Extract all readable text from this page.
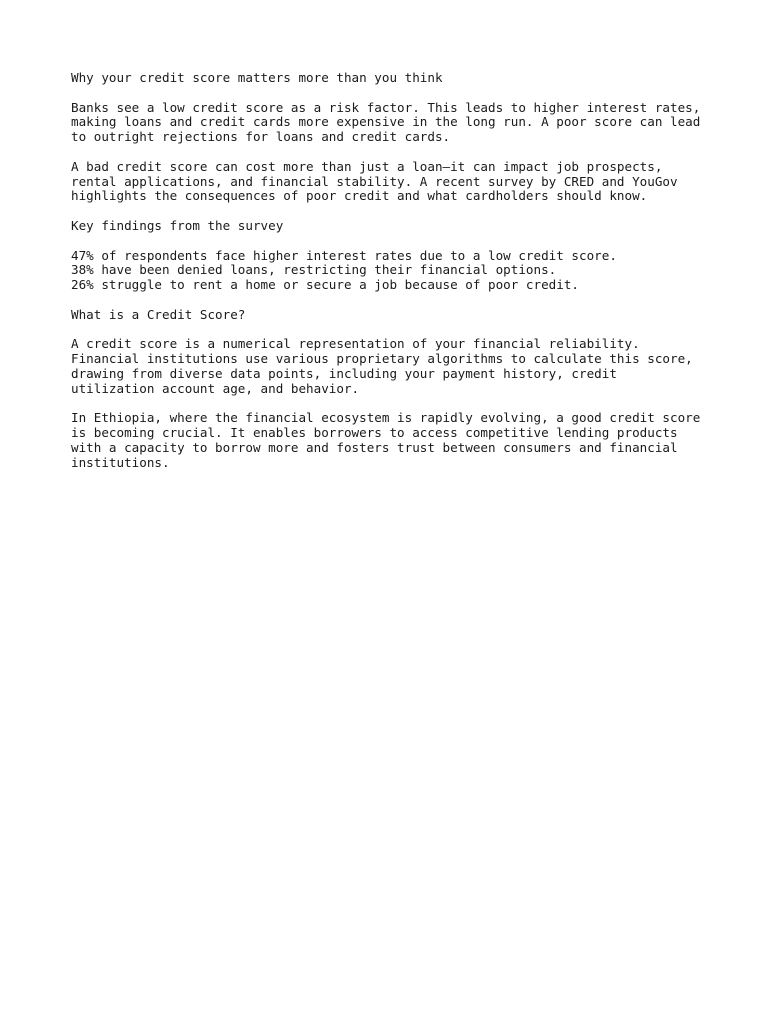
Why your credit score matters more than you think

Banks see a low credit score as a risk factor. This leads to higher interest rates,
making loans and credit cards more expensive in the long run. A poor score can lead
to outright rejections for loans and credit cards.

A bad credit score can cost more than just a loan—it can impact job prospects,
rental applications, and financial stability. A recent survey by CRED and YouGov
highlights the consequences of poor credit and what cardholders should know.

Key findings from the survey

47% of respondents face higher interest rates due to a low credit score.
38% have been denied loans, restricting their financial options.
26% struggle to rent a home or secure a job because of poor credit.

What is a Credit Score?

A credit score is a numerical representation of your financial reliability.
Financial institutions use various proprietary algorithms to calculate this score,
drawing from diverse data points, including your payment history, credit
utilization account age, and behavior.

In Ethiopia, where the financial ecosystem is rapidly evolving, a good credit score
is becoming crucial. It enables borrowers to access competitive lending products
with a capacity to borrow more and fosters trust between consumers and financial
institutions.
